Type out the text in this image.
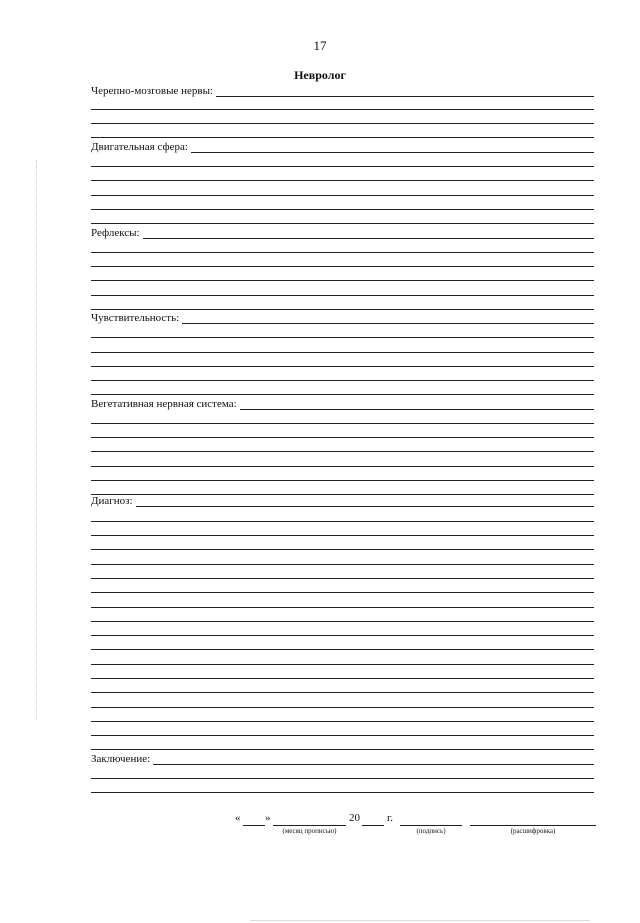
17
Невролог
Черепно-мозговые нервы:
Двигательная сфера:
Рефлексы:
Чувствительность:
Вегетативная нервная система:
Диагноз:
Заключение:
« »
(месяц прописью)
20 г.
(подпись)	(расшифровка)
